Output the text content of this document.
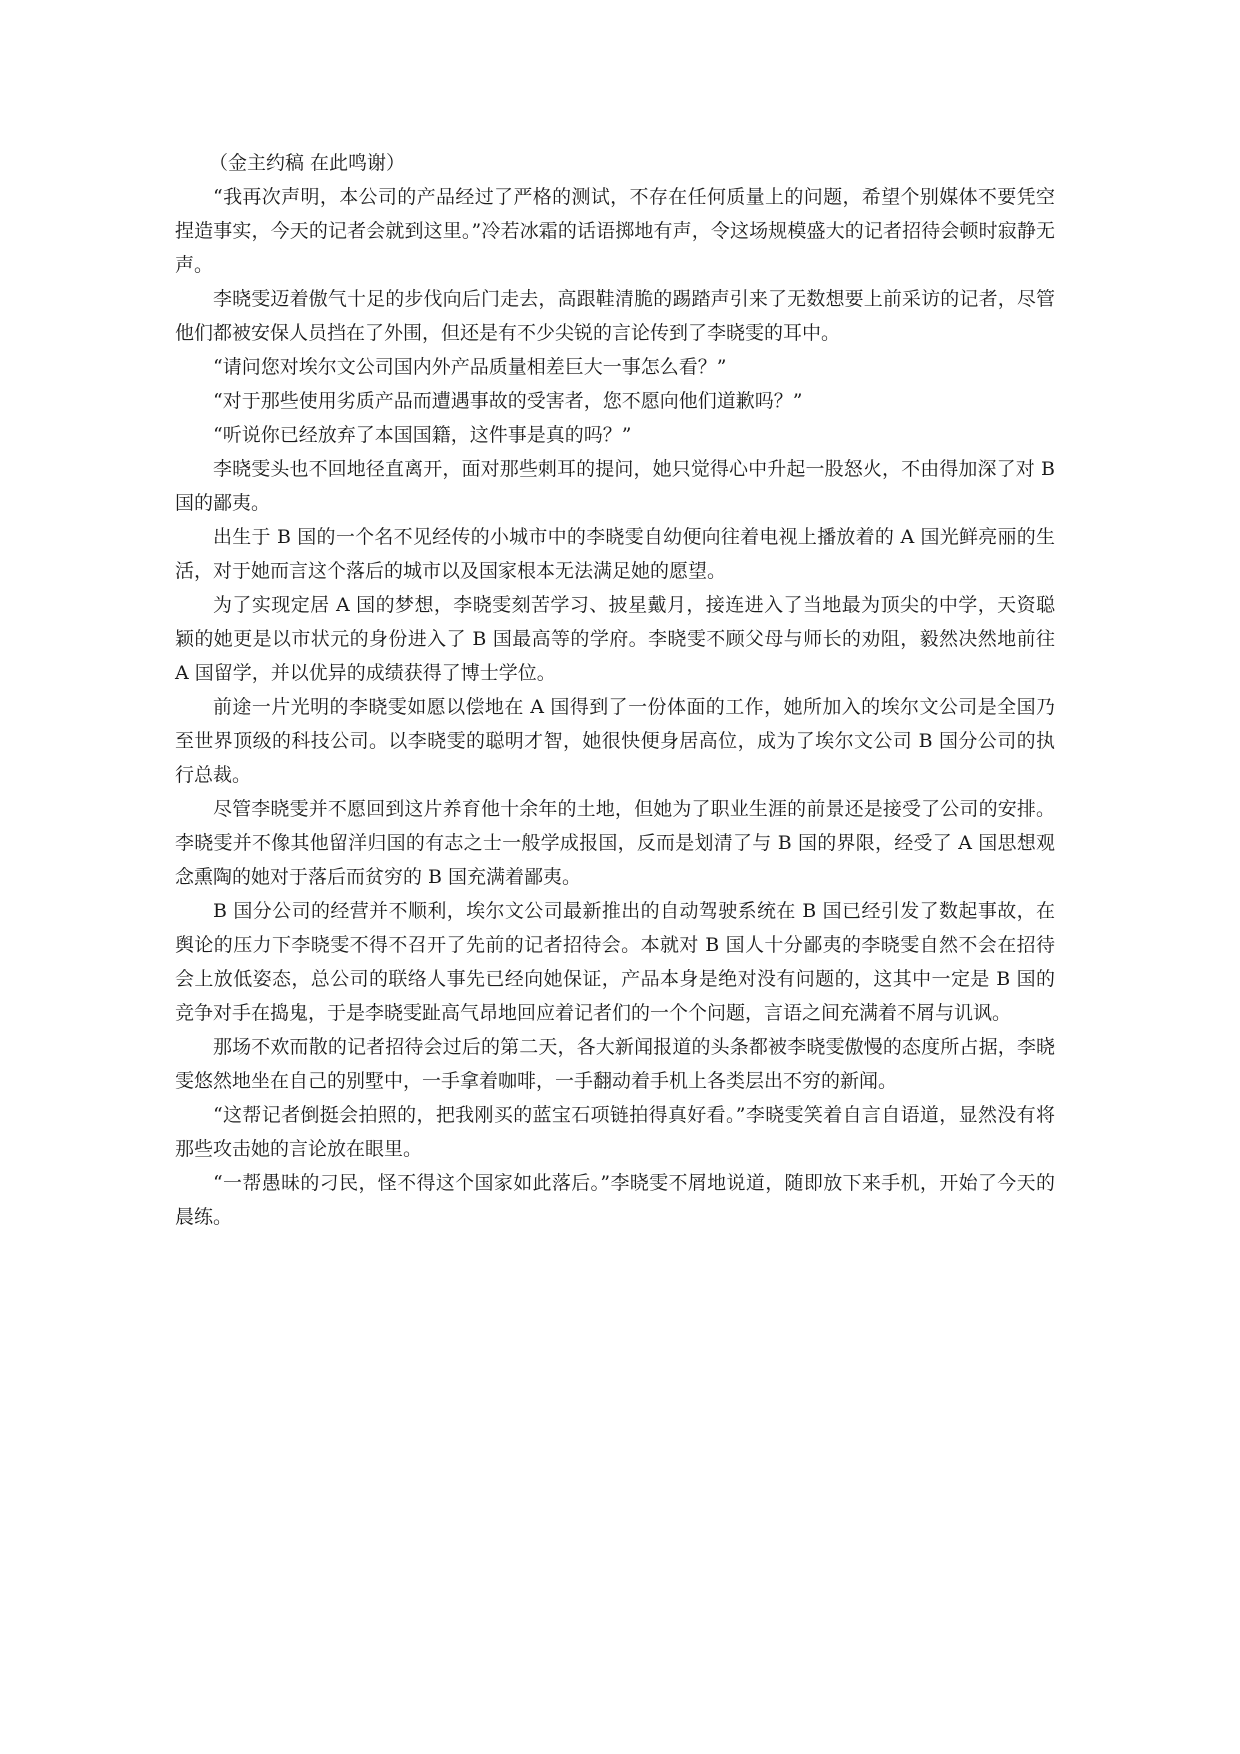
（金主约稿 在此鸣谢）

“我再次声明，本公司的产品经过了严格的测试，不存在任何质量上的问题，希望个别媒体不要凭空捏造事实，今天的记者会就到这里。”冷若冰霜的话语掷地有声，令这场规模盛大的记者招待会顿时寂静无声。

李晓雯迈着傲气十足的步伐向后门走去，高跟鞋清脆的踢踏声引来了无数想要上前采访的记者，尽管他们都被安保人员挡在了外围，但还是有不少尖锐的言论传到了李晓雯的耳中。

“请问您对埃尔文公司国内外产品质量相差巨大一事怎么看？”

“对于那些使用劣质产品而遭遇事故的受害者，您不愿向他们道歉吗？”

“听说你已经放弃了本国国籍，这件事是真的吗？”

李晓雯头也不回地径直离开，面对那些刺耳的提问，她只觉得心中升起一股怒火，不由得加深了对 B 国的鄙夷。

出生于 B 国的一个名不见经传的小城市中的李晓雯自幼便向往着电视上播放着的 A 国光鲜亮丽的生活，对于她而言这个落后的城市以及国家根本无法满足她的愿望。

为了实现定居 A 国的梦想，李晓雯刻苦学习、披星戴月，接连进入了当地最为顶尖的中学，天资聪颖的她更是以市状元的身份进入了 B 国最高等的学府。李晓雯不顾父母与师长的劝阻，毅然决然地前往 A 国留学，并以优异的成绩获得了博士学位。

前途一片光明的李晓雯如愿以偿地在 A 国得到了一份体面的工作，她所加入的埃尔文公司是全国乃至世界顶级的科技公司。以李晓雯的聪明才智，她很快便身居高位，成为了埃尔文公司 B 国分公司的执行总裁。

尽管李晓雯并不愿回到这片养育他十余年的土地，但她为了职业生涯的前景还是接受了公司的安排。李晓雯并不像其他留洋归国的有志之士一般学成报国，反而是划清了与 B 国的界限，经受了 A 国思想观念熏陶的她对于落后而贫穷的 B 国充满着鄙夷。

B 国分公司的经营并不顺利，埃尔文公司最新推出的自动驾驶系统在 B 国已经引发了数起事故，在舆论的压力下李晓雯不得不召开了先前的记者招待会。本就对 B 国人十分鄙夷的李晓雯自然不会在招待会上放低姿态，总公司的联络人事先已经向她保证，产品本身是绝对没有问题的，这其中一定是 B 国的竞争对手在捣鬼，于是李晓雯趾高气昂地回应着记者们的一个个问题，言语之间充满着不屑与讥讽。

那场不欢而散的记者招待会过后的第二天，各大新闻报道的头条都被李晓雯傲慢的态度所占据，李晓雯悠然地坐在自己的别墅中，一手拿着咖啡，一手翻动着手机上各类层出不穷的新闻。

“这帮记者倒挺会拍照的，把我刚买的蓝宝石项链拍得真好看。”李晓雯笑着自言自语道，显然没有将那些攻击她的言论放在眼里。

“一帮愚昧的刁民，怪不得这个国家如此落后。”李晓雯不屑地说道，随即放下来手机，开始了今天的晨练。
